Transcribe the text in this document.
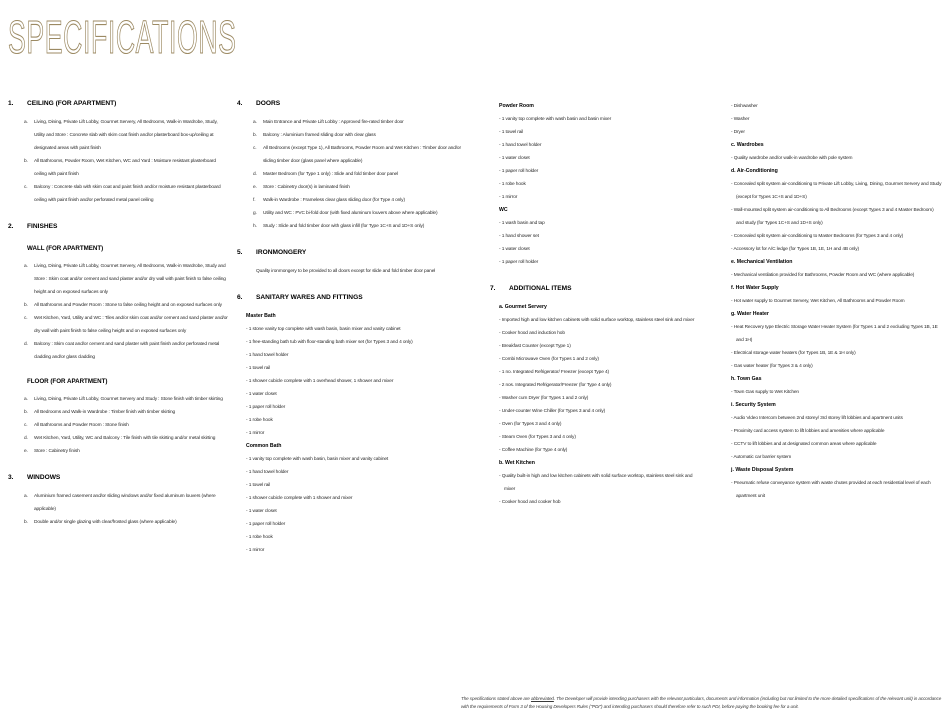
SPECIFICATIONS
1. CEILING (FOR APARTMENT)
a. Living, Dining, Private Lift Lobby, Gourmet Servery, All Bedrooms, Walk-in Wardrobe, Study, Utility and Store : Concrete slab with skim coat finish and/or plasterboard box-up/ceiling at designated areas with paint finish
b. All Bathrooms, Powder Room, Wet Kitchen, WC and Yard : Moisture resistant plasterboard ceiling with paint finish
c. Balcony : Concrete slab with skim coat and paint finish and/or moisture resistant plasterboard ceiling with paint finish and/or perforated metal panel ceiling
2. FINISHES
WALL (FOR APARTMENT)
a. Living, Dining, Private Lift Lobby, Gourmet Servery, All Bedrooms, Walk-in Wardrobe, Study and Store : Skim coat and/or cement and sand plaster and/or dry wall with paint finish to false ceiling height and on exposed surfaces only
b. All Bathrooms and Powder Room : Stone to false ceiling height and on exposed surfaces only
c. Wet Kitchen, Yard, Utility and WC : Tiles and/or skim coat and/or cement and sand plaster and/or dry wall with paint finish to false ceiling height and on exposed surfaces only
d. Balcony : Skim coat and/or cement and sand plaster with paint finish and/or perforated metal cladding and/or glass cladding
FLOOR (FOR APARTMENT)
a. Living, Dining, Private Lift Lobby, Gourmet Servery and Study : Stone finish with timber skirting
b. All Bedrooms and Walk-in Wardrobe : Timber finish with timber skirting
c. All Bathrooms and Powder Room : Stone finish
d. Wet Kitchen, Yard, Utility, WC and Balcony : Tile finish with tile skirting and/or metal skirting
e. Store : Cabinetry finish
3. WINDOWS
a. Aluminium framed casement and/or sliding windows and/or fixed aluminum louvers (where applicable)
b. Double and/or single glazing with clear/frosted glass (where applicable)
4. DOORS
a. Main Entrance and Private Lift Lobby : Approved fire-rated timber door
b. Balcony : Aluminium framed sliding door with clear glass
c. All Bedrooms (except Type 1), All Bathrooms, Powder Room and Wet Kitchen : Timber door and/or sliding timber door (glass panel where applicable)
d. Master Bedroom (for Type 1 only) : Slide and fold timber door panel
e. Store : Cabinetry door(s) in laminated finish
f. Walk-in Wardrobe : Frameless clear glass sliding door (for Type 4 only)
g. Utility and WC : PVC bi-fold door (with fixed aluminum louvers above where applicable)
h. Study : Slide and fold timber door with glass infill (for Type 1C+S and 1D+S only)
5. IRONMONGERY
Quality ironmongery to be provided to all doors except for slide and fold timber door panel
6. SANITARY WARES AND FITTINGS
Master Bath
- 1 stone vanity top complete with wash basin, basin mixer and vanity cabinet
- 1 free-standing bath tub with floor-standing bath mixer set (for Types 3 and 4 only)
- 1 hand towel holder
- 1 towel rail
- 1 shower cubicle complete with 1 overhead shower, 1 shower and mixer
- 1 water closet
- 1 paper roll holder
- 1 robe hook
- 1 mirror
Common Bath
- 1 vanity top complete with wash basin, basin mixer and vanity cabinet
- 1 hand towel holder
- 1 towel rail
- 1 shower cubicle complete with 1 shower and mixer
- 1 water closet
- 1 paper roll holder
- 1 robe hook
- 1 mirror
Powder Room
- 1 vanity top complete with wash basin and basin mixer
- 1 towel rail
- 1 hand towel holder
- 1 water closet
- 1 paper roll holder
- 1 robe hook
- 1 mirror
WC
- 1 wash basin and tap
- 1 hand shower set
- 1 water closet
- 1 paper roll holder
7. ADDITIONAL ITEMS
a. Gourmet Servery
- Imported high and low kitchen cabinets with solid surface worktop, stainless steel sink and mixer
- Cooker hood and induction hob
- Breakfast Counter (except Type 1)
- Combi Microwave Oven (for Types 1 and 2 only)
- 1 no. Integrated Refrigerator/ Freezer (except Type 4)
- 2 nos. Integrated Refrigerator/Freezer (for Type 4 only)
- Washer cum Dryer (for Types 1 and 2 only)
- Under-counter Wine Chiller (for Types 3 and 4 only)
- Oven (for Types 3 and 4 only)
- Steam Oven (for Types 3 and 4 only)
- Coffee Machine (for Type 4 only)
b. Wet Kitchen
- Quality built-in high and low kitchen cabinets with solid surface worktop, stainless steel sink and mixer
- Cooker hood and cooker hob
- Dishwasher
- Washer
- Dryer
c. Wardrobes
- Quality wardrobe and/or walk-in wardrobe with pole system
d. Air-Conditioning
- Concealed split system air-conditioning to Private Lift Lobby, Living, Dining, Gourmet Servery and Study (except for Types 1C+S and 1D+S)
- Wall-mounted split system air-conditioning to All Bedrooms (except Types 3 and 4 Master Bedroom) and study (for Types 1C+S and 1D+S only)
- Concealed split system air-conditioning to Master Bedrooms (for Types 3 and 4 only)
- Accessory lot for A/C ledge (for Types 1B, 1E, 1H and 4B only)
e. Mechanical Ventilation
- Mechanical ventilation provided for Bathrooms, Powder Room and WC (where applicable)
f. Hot Water Supply
- Hot water supply to Gourmet Servery, Wet Kitchen, All Bathrooms and Powder Room
g. Water Heater
- Heat Recovery type Electric Storage Water Heater System (for Types 1 and 2 excluding Types 1B, 1E and 1H)
- Electrical storage water heaters (for Types 1B, 1E & 1H only)
- Gas water heater (for Types 3 & 4 only)
h. Town Gas
- Town Gas supply to Wet Kitchen
i. Security System
- Audio Video Intercom between 2nd storey/ 3rd storey lift lobbies and apartment units
- Proximity card access system to lift lobbies and amenities where applicable
- CCTV to lift lobbies and at designated common areas where applicable
- Automatic car barrier system
j. Waste Disposal System
- Pneumatic refuse conveyance system with waste chutes provided at each residential level of each apartment unit
The specifications stated above are abbreviated. The Developer will provide intending purchasers with the relevant particulars, documents and information (including but not limited to the more detailed specifications of the relevant unit) in accordance with the requirements of Form 3 of the Housing Developers Rules ("PDI") and intending purchasers should therefore refer to such PDI, before paying the booking fee for a unit.
